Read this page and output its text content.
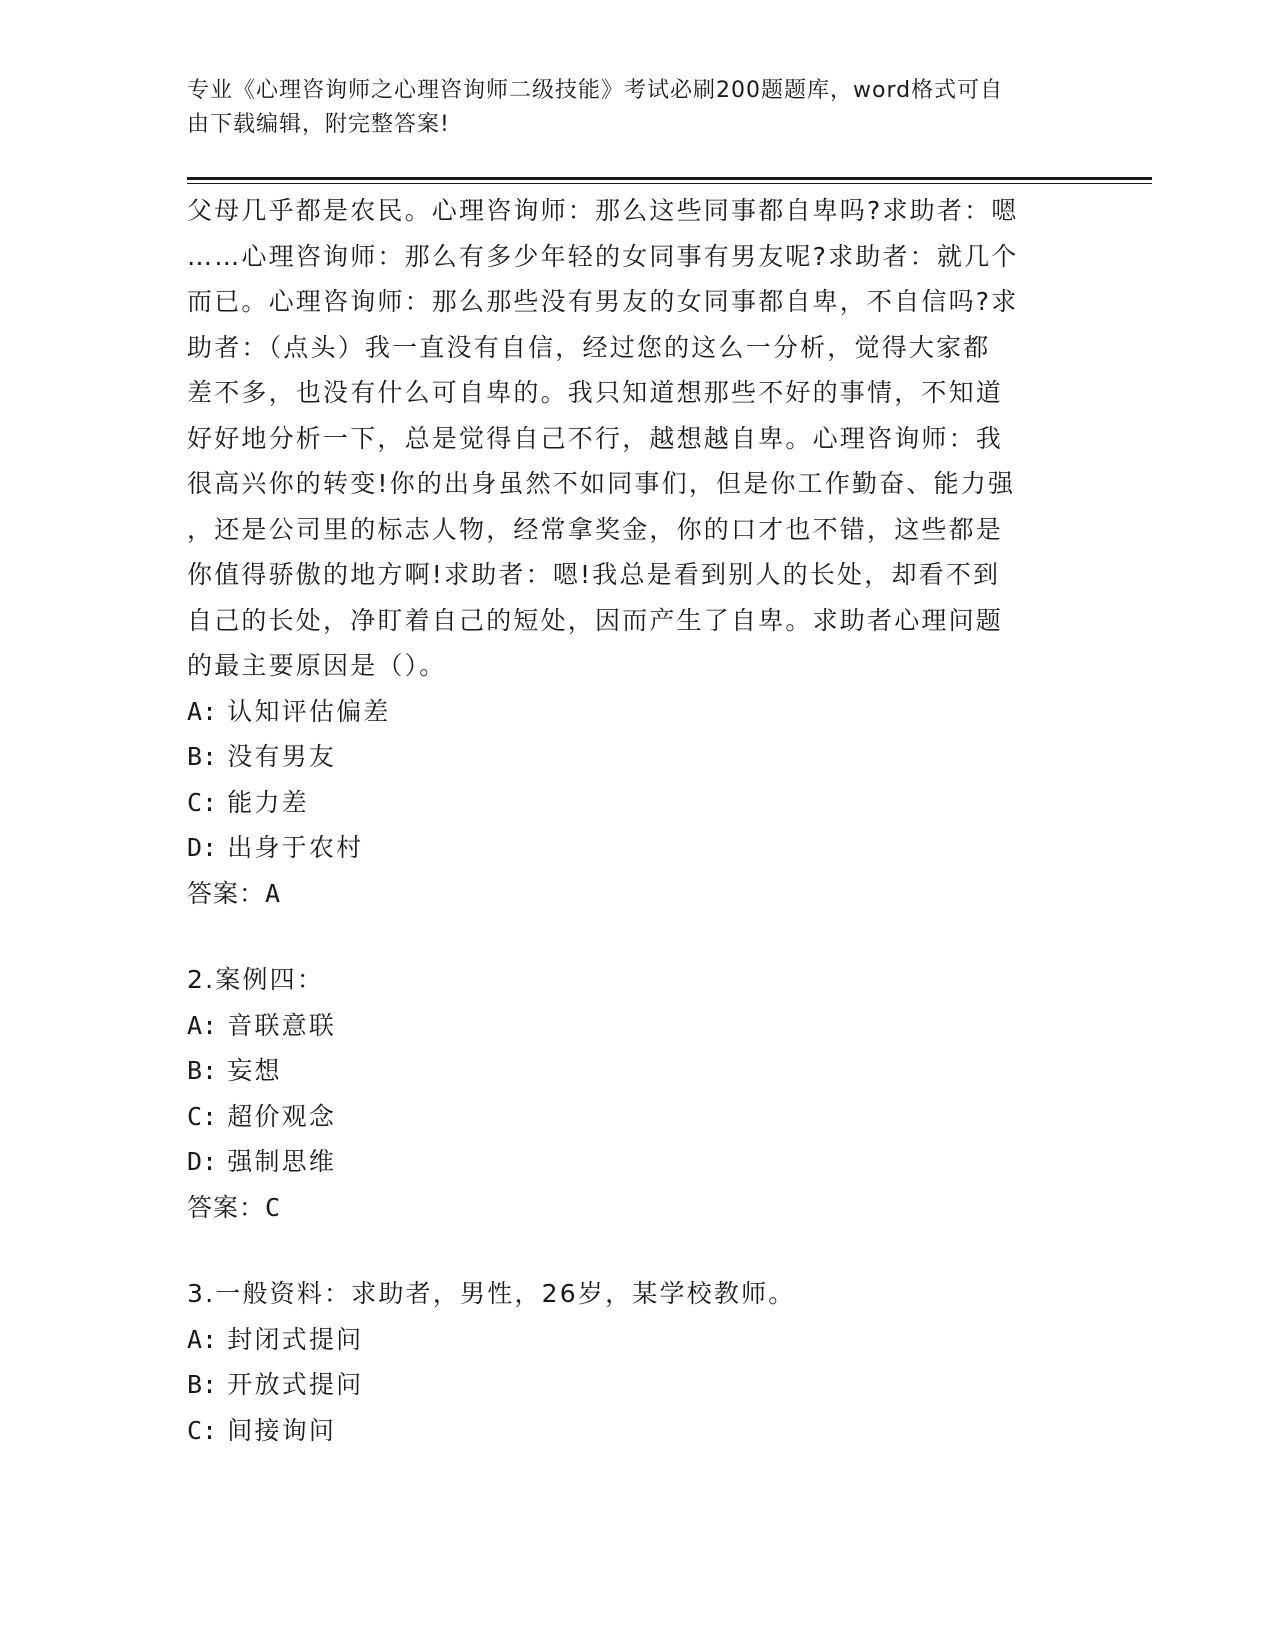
专业《心理咨询师之心理咨询师二级技能》考试必刷200题题库，word格式可自
由下载编辑，附完整答案!
父母几乎都是农民。心理咨询师：那么这些同事都自卑吗?求助者：嗯
……心理咨询师：那么有多少年轻的女同事有男友呢?求助者：就几个
而已。心理咨询师：那么那些没有男友的女同事都自卑，不自信吗?求
助者：（点头）我一直没有自信，经过您的这么一分析，觉得大家都
差不多，也没有什么可自卑的。我只知道想那些不好的事情，不知道
好好地分析一下，总是觉得自己不行，越想越自卑。心理咨询师：我
很高兴你的转变!你的出身虽然不如同事们，但是你工作勤奋、能力强
，还是公司里的标志人物，经常拿奖金，你的口才也不错，这些都是
你值得骄傲的地方啊!求助者：嗯!我总是看到别人的长处，却看不到
自己的长处，净盯着自己的短处，因而产生了自卑。求助者心理问题
的最主要原因是（）。
A: 认知评估偏差
B: 没有男友
C: 能力差
D: 出身于农村
答案：A
2.案例四：
A: 音联意联
B: 妄想
C: 超价观念
D: 强制思维
答案：C
3.一般资料：求助者，男性，26岁，某学校教师。
A: 封闭式提问
B: 开放式提问
C: 间接询问
